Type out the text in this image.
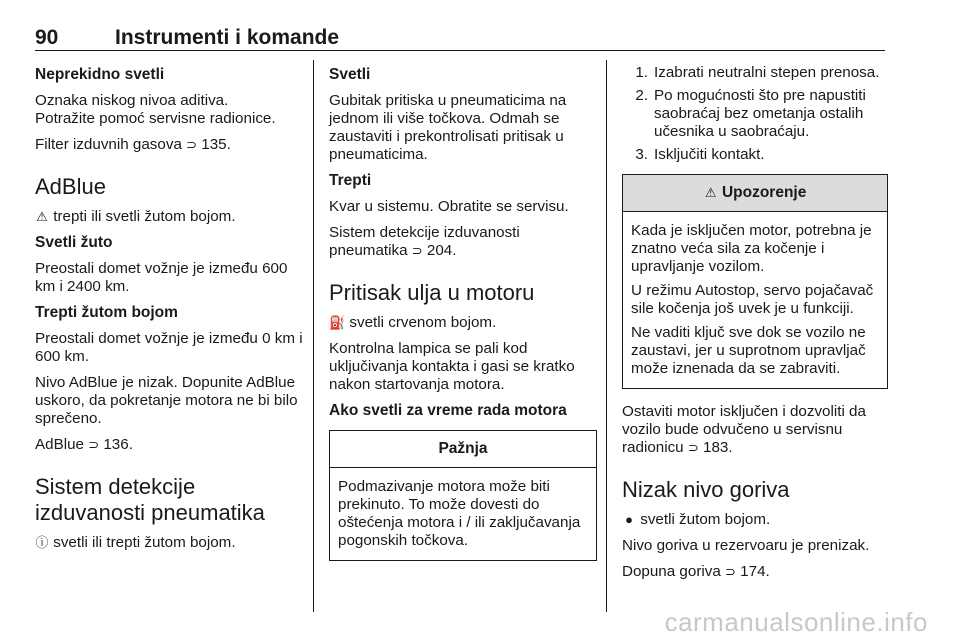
90	Instrumenti i komande
Neprekidno svetli

Oznaka niskog nivoa aditiva.
Potražite pomoć servisne radionice.

Filter izduvnih gasova ⊃ 135.

AdBlue

⚠ trepti ili svetli žutom bojom.

Svetli žuto

Preostali domet vožnje je između 600 km i 2400 km.

Trepti žutom bojom

Preostali domet vožnje je između 0 km i 600 km.

Nivo AdBlue je nizak. Dopunite AdBlue uskoro, da pokretanje motora ne bi bilo sprečeno.

AdBlue ⊃ 136.

Sistem detekcije izduvanosti pneumatika

ⓘ svetli ili trepti žutom bojom.

Svetli

Gubitak pritiska u pneumaticima na jednom ili više točkova. Odmah se zaustaviti i prekontrolisati pritisak u pneumaticima.

Trepti

Kvar u sistemu. Obratite se servisu.

Sistem detekcije izduvanosti pneumatika ⊃ 204.

Pritisak ulja u motoru

⛽ svetli crvenom bojom.

Kontrolna lampica se pali kod uključivanja kontakta i gasi se kratko nakon startovanja motora.

Ako svetli za vreme rada motora
Pažnja

Podmazivanje motora može biti prekinuto. To može dovesti do oštećenja motora i / ili zaključavanja pogonskih točkova.

1. Izabrati neutralni stepen prenosa.
2. Po mogućnosti što pre napustiti saobraćaj bez ometanja ostalih učesnika u saobraćaju.
3. Isključiti kontakt.
⚠ Upozorenje

Kada je isključen motor, potrebna je znatno veća sila za kočenje i upravljanje vozilom.

U režimu Autostop, servo pojačavač sile kočenja još uvek je u funkciji.

Ne vaditi ključ sve dok se vozilo ne zaustavi, jer u suprotnom upravljač može iznenada da se zabraviti.

Ostaviti motor isključen i dozvoliti da vozilo bude odvučeno u servisnu radionicu ⊃ 183.

Nizak nivo goriva

● svetli žutom bojom.

Nivo goriva u rezervoaru je prenizak.

Dopuna goriva ⊃ 174.

carmanualsonline.info
